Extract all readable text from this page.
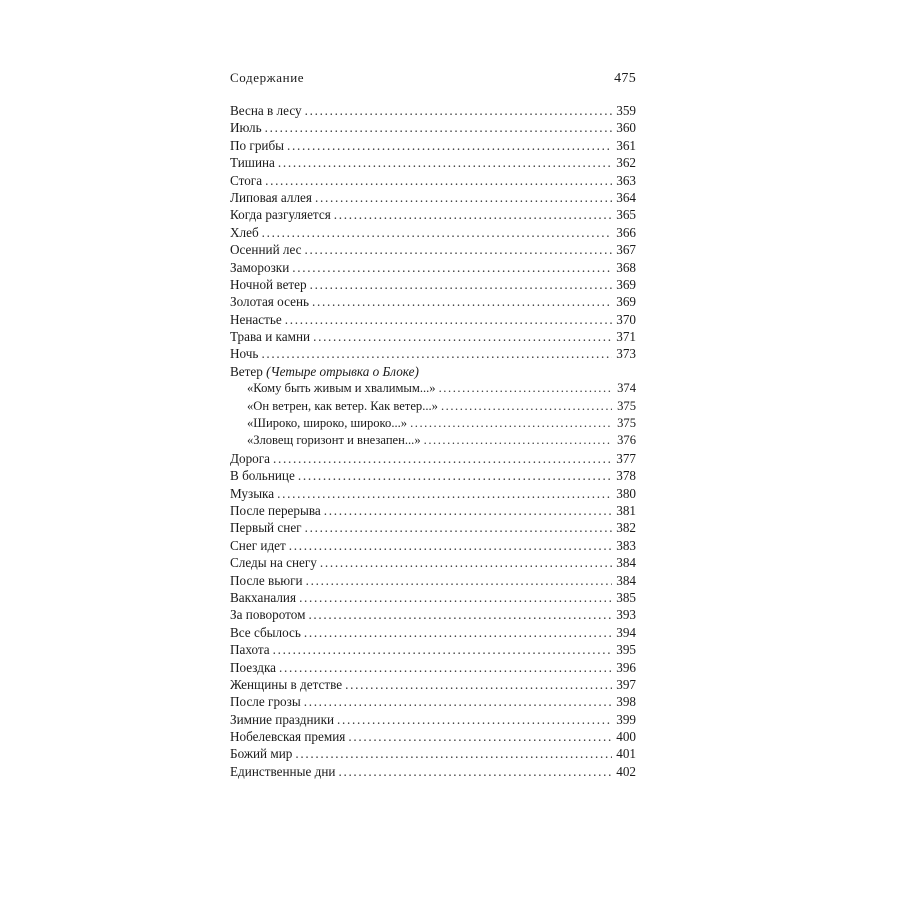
Содержание	475
Весна в лесу . . .	359
Июль . . .	360
По грибы . . .	361
Тишина . . .	362
Стога . . .	363
Липовая аллея . . .	364
Когда разгуляется . . .	365
Хлеб . . .	366
Осенний лес . . .	367
Заморозки . . .	368
Ночной ветер . . .	369
Золотая осень . . .	369
Ненастье . . .	370
Трава и камни . . .	371
Ночь . . .	373
Ветер (Четыре отрывка о Блоке)
«Кому быть живым и хвалимым...» . . .	374
«Он ветрен, как ветер. Как ветер...» . . .	375
«Широко, широко, широко...» . . .	375
«Зловещ горизонт и внезапен...» . . .	376
Дорога . . .	377
В больнице . . .	378
Музыка . . .	380
После перерыва . . .	381
Первый снег . . .	382
Снег идет . . .	383
Следы на снегу . . .	384
После вьюги . . .	384
Вакханалия . . .	385
За поворотом . . .	393
Все сбылось . . .	394
Пахота . . .	395
Поездка . . .	396
Женщины в детстве . . .	397
После грозы . . .	398
Зимние праздники . . .	399
Нобелевская премия . . .	400
Божий мир . . .	401
Единственные дни . . .	402
